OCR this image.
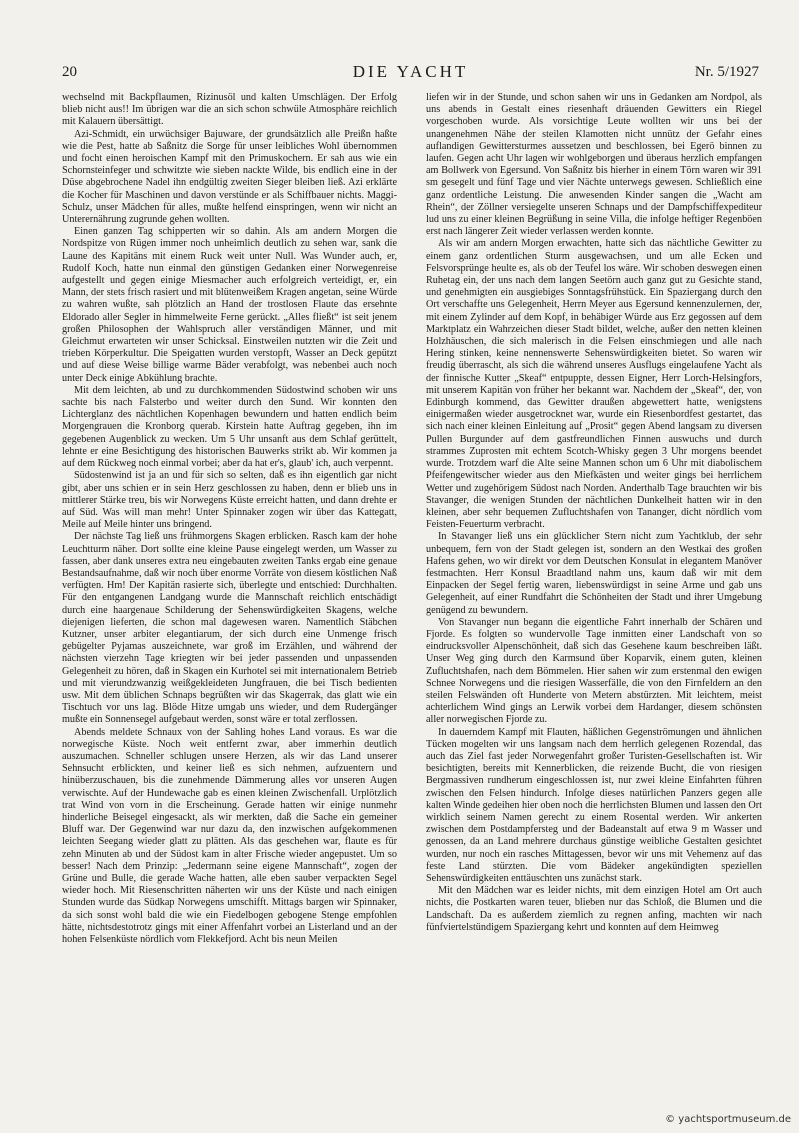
20	DIE YACHT	Nr. 5/1927

wechselnd mit Backpflaumen, Rizinusöl und kalten Umschlägen. Der Erfolg blieb nicht aus!! Im übrigen war die an sich schon schwüle Atmosphäre reichlich mit Kalauern übersättigt.

Azi-Schmidt, ein urwüchsiger Bajuware, der grundsätzlich alle Preißn haßte wie die Pest, hatte ab Saßnitz die Sorge für unser leibliches Wohl übernommen und focht einen heroischen Kampf mit den Primuskochern. Er sah aus wie ein Schornsteinfeger und schwitzte wie sieben nackte Wilde, bis endlich eine in der Düse abgebrochene Nadel ihn endgültig zweiten Sieger bleiben ließ. Azi erklärte die Kocher für Maschinen und davon verstünde er als Schiffbauer nichts. Maggi-Schulz, unser Mädchen für alles, mußte helfend einspringen, wenn wir nicht an Unterernährung zugrunde gehen wollten.

Einen ganzen Tag schipperten wir so dahin. Als am andern Morgen die Nordspitze von Rügen immer noch unheimlich deutlich zu sehen war, sank die Laune des Kapitäns mit einem Ruck weit unter Null. Was Wunder auch, er, Rudolf Koch, hatte nun einmal den günstigen Gedanken einer Norwegenreise aufgestellt und gegen einige Miesmacher auch erfolgreich verteidigt, er, ein Mann, der stets frisch rasiert und mit blütenweißem Kragen angetan, seine Würde zu wahren wußte, sah plötzlich an Hand der trostlosen Flaute das ersehnte Eldorado aller Segler in himmelweite Ferne gerückt. „Alles fließt“ ist seit jenem großen Philosophen der Wahlspruch aller verständigen Männer, und mit Gleichmut erwarteten wir unser Schicksal. Einstweilen nutzten wir die Zeit und trieben Körperkultur. Die Speigatten wurden verstopft, Wasser an Deck gepützt und auf diese Weise billige warme Bäder verabfolgt, was nebenbei auch noch unter Deck einige Abkühlung brachte.

Mit dem leichten, ab und zu durchkommenden Südostwind schoben wir uns sachte bis nach Falsterbo und weiter durch den Sund. Wir konnten den Lichterglanz des nächtlichen Kopenhagen bewundern und hatten endlich beim Morgengrauen die Kronborg querab. Kirstein hatte Auftrag gegeben, ihn im gegebenen Augenblick zu wecken. Um 5 Uhr unsanft aus dem Schlaf gerüttelt, lehnte er eine Besichtigung des historischen Bauwerks strikt ab. Wir kommen ja auf dem Rückweg noch einmal vorbei; aber da hat er's, glaub' ich, auch verpennt.

Südostenwind ist ja an und für sich so selten, daß es ihn eigentlich gar nicht gibt, aber uns schien er in sein Herz geschlossen zu haben, denn er blieb uns in mittlerer Stärke treu, bis wir Norwegens Küste erreicht hatten, und dann drehte er auf Süd. Was will man mehr! Unter Spinnaker zogen wir über das Kattegatt, Meile auf Meile hinter uns bringend.

Der nächste Tag ließ uns frühmorgens Skagen erblicken. Rasch kam der hohe Leuchtturm näher. Dort sollte eine kleine Pause eingelegt werden, um Wasser zu fassen, aber dank unseres extra neu eingebauten zweiten Tanks ergab eine genaue Bestandsaufnahme, daß wir noch über enorme Vorräte von diesem köstlichen Naß verfügten. Hm! Der Kapitän rasierte sich, überlegte und entschied: Durchhalten. Für den entgangenen Landgang wurde die Mannschaft reichlich entschädigt durch eine haargenaue Schilderung der Sehenswürdigkeiten Skagens, welche diejenigen lieferten, die schon mal dagewesen waren. Namentlich Stäbchen Kutzner, unser arbiter elegantiarum, der sich durch eine Unmenge frisch gebügelter Pyjamas auszeichnete, war groß im Erzählen, und während der nächsten vierzehn Tage kriegten wir bei jeder passenden und unpassenden Gelegenheit zu hören, daß in Skagen ein Kurhotel sei mit internationalem Betrieb und mit vierundzwanzig weißgekleideten Jungfrauen, die bei Tisch bedienten usw. Mit dem üblichen Schnaps begrüßten wir das Skagerrak, das glatt wie ein Tischtuch vor uns lag. Blöde Hitze umgab uns wieder, und dem Rudergänger mußte ein Sonnensegel aufgebaut werden, sonst wäre er total zerflossen.

Abends meldete Schnaux von der Sahling hohes Land voraus. Es war die norwegische Küste. Noch weit entfernt zwar, aber immerhin deutlich auszumachen. Schneller schlugen unsere Herzen, als wir das Land unserer Sehnsucht erblickten, und keiner ließ es sich nehmen, aufzuentern und hinüberzuschauen, bis die zunehmende Dämmerung alles vor unseren Augen verwischte. Auf der Hundewache gab es einen kleinen Zwischenfall. Urplötzlich trat Wind von vorn in die Erscheinung. Gerade hatten wir einige nunmehr hinderliche Beisegel eingesackt, als wir merkten, daß die Sache ein gemeiner Bluff war. Der Gegenwind war nur dazu da, den inzwischen aufgekommenen leichten Seegang wieder glatt zu plätten. Als das geschehen war, flaute es für zehn Minuten ab und der Südost kam in alter Frische wieder angepustet. Um so besser! Nach dem Prinzip: „Jedermann seine eigene Mannschaft“, zogen der Grüne und Bulle, die gerade Wache hatten, alle eben sauber verpackten Segel wieder hoch. Mit Riesenschritten näherten wir uns der Küste und nach einigen Stunden wurde das Südkap Norwegens umschifft. Mittags bargen wir Spinnaker, da sich sonst wohl bald die wie ein Fiedelbogen gebogene Stenge empfohlen hätte, nichtsdestotrotz gings mit einer Affenfahrt vorbei an Listerland und an der hohen Felsenküste nördlich vom Flekkefjord. Acht bis neun Meilen

liefen wir in der Stunde, und schon sahen wir uns in Gedanken am Nordpol, als uns abends in Gestalt eines riesenhaft dräuenden Gewitters ein Riegel vorgeschoben wurde. Als vorsichtige Leute wollten wir uns bei der unangenehmen Nähe der steilen Klamotten nicht unnütz der Gefahr eines auflandigen Gewittersturmes aussetzen und beschlossen, bei Egerö binnen zu laufen. Gegen acht Uhr lagen wir wohlgeborgen und überaus herzlich empfangen am Bollwerk von Egersund. Von Saßnitz bis hierher in einem Törn waren wir 391 sm gesegelt und fünf Tage und vier Nächte unterwegs gewesen. Schließlich eine ganz ordentliche Leistung. Die anwesenden Kinder sangen die „Wacht am Rhein“, der Zöllner versiegelte unseren Schnaps und der Dampfschiffexpediteur lud uns zu einer kleinen Begrüßung in seine Villa, die infolge heftiger Regenböen erst nach längerer Zeit wieder verlassen werden konnte.

Als wir am andern Morgen erwachten, hatte sich das nächtliche Gewitter zu einem ganz ordentlichen Sturm ausgewachsen, und um alle Ecken und Felsvorsprünge heulte es, als ob der Teufel los wäre. Wir schoben deswegen einen Ruhetag ein, der uns nach dem langen Seetörn auch ganz gut zu Gesichte stand, und genehmigten ein ausgiebiges Sonntagsfrühstück. Ein Spaziergang durch den Ort verschaffte uns Gelegenheit, Herrn Meyer aus Egersund kennenzulernen, der, mit einem Zylinder auf dem Kopf, in behäbiger Würde aus Erz gegossen auf dem Marktplatz ein Wahrzeichen dieser Stadt bildet, welche, außer den netten kleinen Holzhäuschen, die sich malerisch in die Felsen einschmiegen und alle nach Hering stinken, keine nennenswerte Sehenswürdigkeiten bietet. So waren wir freudig überrascht, als sich die während unseres Ausflugs eingelaufene Yacht als der finnische Kutter „Skeaf“ entpuppte, dessen Eigner, Herr Lorch-Helsingfors, mit unserem Kapitän von früher her bekannt war. Nachdem der „Skeaf“, der, von Edinburgh kommend, das Gewitter draußen abgewettert hatte, wenigstens einigermaßen wieder ausgetrocknet war, wurde ein Riesenbordfest gestartet, das sich nach einer kleinen Einleitung auf „Prosit“ gegen Abend langsam zu diversen Pullen Burgunder auf dem gastfreundlichen Finnen auswuchs und durch strammes Zuprosten mit echtem Scotch-Whisky gegen 3 Uhr morgens beendet wurde. Trotzdem warf die Alte seine Mannen schon um 6 Uhr mit diabolischem Pfeifengewitscher wieder aus den Miefkästen und weiter gings bei herrlichem Wetter und zugehörigem Südost nach Norden. Anderthalb Tage brauchten wir bis Stavanger, die wenigen Stunden der nächtlichen Dunkelheit hatten wir in den kleinen, aber sehr bequemen Zufluchtshafen von Tananger, dicht nördlich vom Feisten-Feuerturm verbracht.

In Stavanger ließ uns ein glücklicher Stern nicht zum Yachtklub, der sehr unbequem, fern von der Stadt gelegen ist, sondern an den Westkai des großen Hafens gehen, wo wir direkt vor dem Deutschen Konsulat in elegantem Manöver festmachten. Herr Konsul Braadtland nahm uns, kaum daß wir mit dem Einpacken der Segel fertig waren, liebenswürdigst in seine Arme und gab uns Gelegenheit, auf einer Rundfahrt die Schönheiten der Stadt und ihrer Umgebung genügend zu bewundern.

Von Stavanger nun begann die eigentliche Fahrt innerhalb der Schären und Fjorde. Es folgten so wundervolle Tage inmitten einer Landschaft von so eindrucksvoller Alpenschönheit, daß sich das Gesehene kaum beschreiben läßt. Unser Weg ging durch den Karmsund über Koparvik, einem guten, kleinen Zufluchtshafen, nach dem Bömmelen. Hier sahen wir zum erstenmal den ewigen Schnee Norwegens und die riesigen Wasserfälle, die von den Firnfeldern an den steilen Felswänden oft Hunderte von Metern abstürzten. Mit leichtem, meist achterlichem Wind gings an Lerwik vorbei dem Hardanger, diesem schönsten aller norwegischen Fjorde zu.

In dauerndem Kampf mit Flauten, häßlichen Gegenströmungen und ähnlichen Tücken mogelten wir uns langsam nach dem herrlich gelegenen Rozendal, das auch das Ziel fast jeder Norwegenfahrt großer Turisten-Gesellschaften ist. Wir besichtigten, bereits mit Kennerblicken, die reizende Bucht, die von riesigen Bergmassiven rundherum eingeschlossen ist, nur zwei kleine Einfahrten führen zwischen den Felsen hindurch. Infolge dieses natürlichen Panzers gegen alle kalten Winde gedeihen hier oben noch die herrlichsten Blumen und lassen den Ort wirklich seinem Namen gerecht zu einem Rosental werden. Wir ankerten zwischen dem Postdampfersteg und der Badeanstalt auf etwa 9 m Wasser und genossen, da an Land mehrere durchaus günstige weibliche Gestalten gesichtet wurden, nur noch ein rasches Mittagessen, bevor wir uns mit Vehemenz auf das feste Land stürzten. Die vom Bädeker angekündigten speziellen Sehenswürdigkeiten enttäuschten uns zunächst stark.

Mit den Mädchen war es leider nichts, mit dem einzigen Hotel am Ort auch nichts, die Postkarten waren teuer, blieben nur das Schloß, die Blumen und die Landschaft. Da es außerdem ziemlich zu regnen anfing, machten wir nach fünfviertelstündigem Spaziergang kehrt und konnten auf dem Heimweg

© yachtsportmuseum.de
